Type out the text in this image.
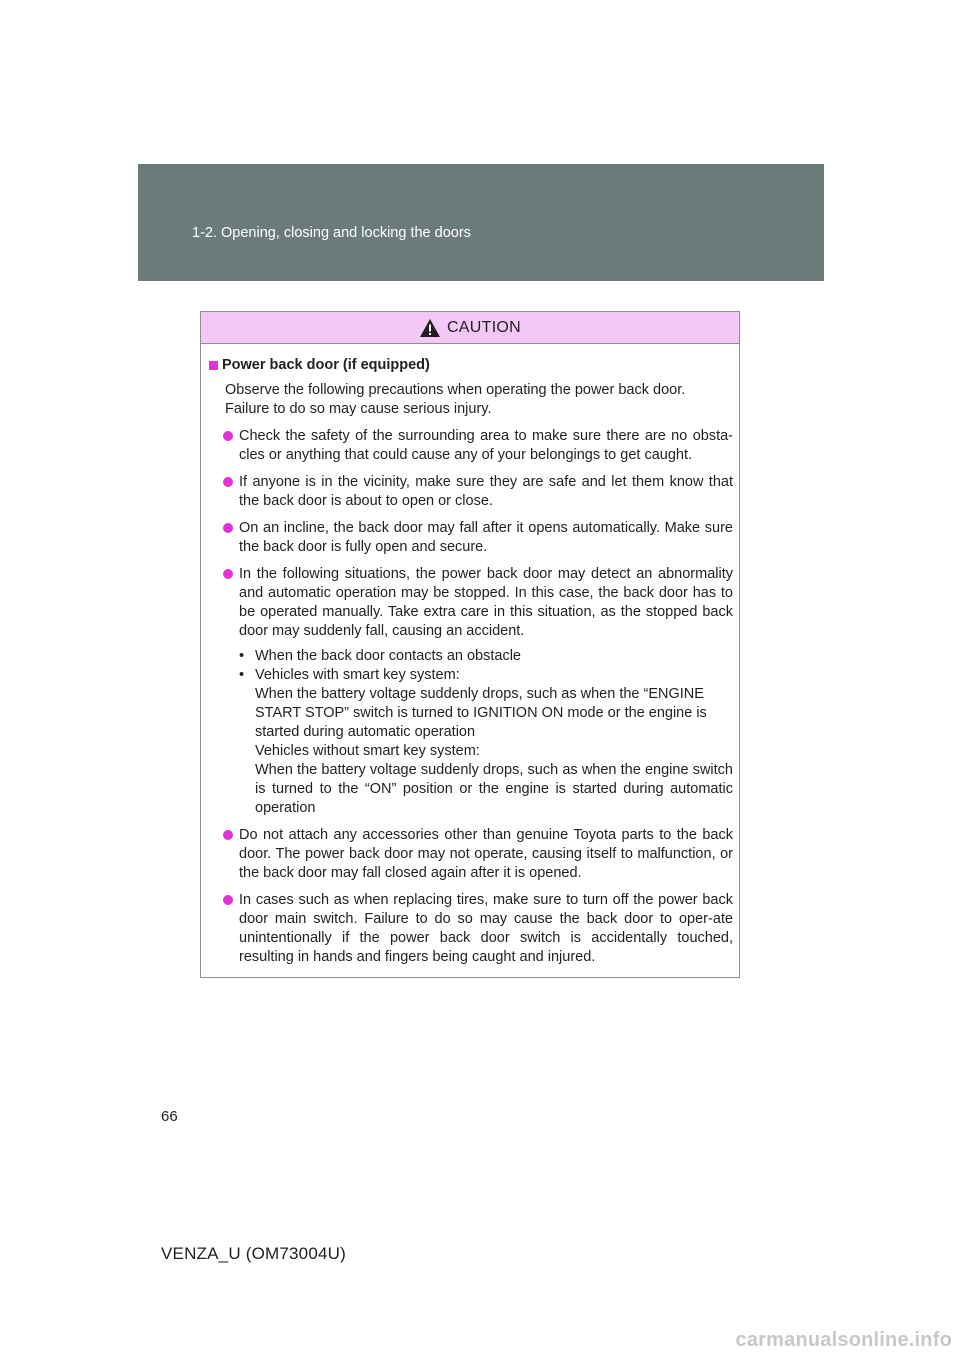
1-2. Opening, closing and locking the doors
CAUTION
Power back door (if equipped)
Observe the following precautions when operating the power back door.
Failure to do so may cause serious injury.
Check the safety of the surrounding area to make sure there are no obsta-cles or anything that could cause any of your belongings to get caught.
If anyone is in the vicinity, make sure they are safe and let them know that the back door is about to open or close.
On an incline, the back door may fall after it opens automatically. Make sure the back door is fully open and secure.
In the following situations, the power back door may detect an abnormality and automatic operation may be stopped. In this case, the back door has to be operated manually. Take extra care in this situation, as the stopped back door may suddenly fall, causing an accident.
• When the back door contacts an obstacle
• Vehicles with smart key system:
When the battery voltage suddenly drops, such as when the “ENGINE START STOP” switch is turned to IGNITION ON mode or the engine is started during automatic operation
Vehicles without smart key system:
When the battery voltage suddenly drops, such as when the engine switch is turned to the “ON” position or the engine is started during automatic operation
Do not attach any accessories other than genuine Toyota parts to the back door. The power back door may not operate, causing itself to malfunction, or the back door may fall closed again after it is opened.
In cases such as when replacing tires, make sure to turn off the power back door main switch. Failure to do so may cause the back door to oper-ate unintentionally if the power back door switch is accidentally touched, resulting in hands and fingers being caught and injured.
66
VENZA_U (OM73004U)
carmanualsonline.info
